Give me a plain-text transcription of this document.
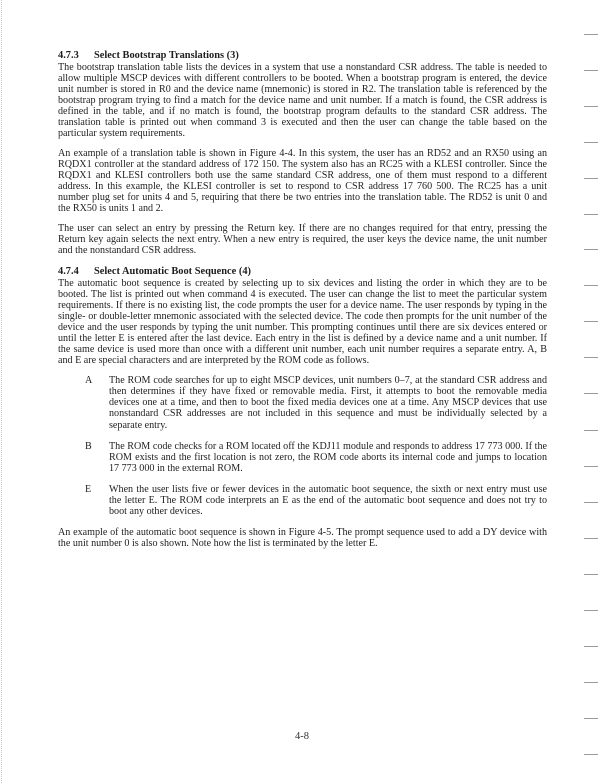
4.7.3 Select Bootstrap Translations (3)

The bootstrap translation table lists the devices in a system that use a nonstandard CSR address. The table is needed to allow multiple MSCP devices with different controllers to be booted. When a bootstrap program is entered, the device unit number is stored in R0 and the device name (mnemonic) is stored in R2. The translation table is referenced by the bootstrap program trying to find a match for the device name and unit number. If a match is found, the CSR address is defined in the table, and if no match is found, the bootstrap program defaults to the standard CSR address. The translation table is printed out when command 3 is executed and then the user can change the table based on the particular system requirements.

An example of a translation table is shown in Figure 4-4. In this system, the user has an RD52 and an RX50 using an RQDX1 controller at the standard address of 172 150. The system also has an RC25 with a KLESI controller. Since the RQDX1 and KLESI controllers both use the same standard CSR address, one of them must respond to a different address. In this example, the KLESI controller is set to respond to CSR address 17 760 500. The RC25 has a unit number plug set for units 4 and 5, requiring that there be two entries into the translation table. The RD52 is unit 0 and the RX50 is units 1 and 2.

The user can select an entry by pressing the Return key. If there are no changes required for that entry, pressing the Return key again selects the next entry. When a new entry is required, the user keys the device name, the unit number and the nonstandard CSR address.

4.7.4 Select Automatic Boot Sequence (4)

The automatic boot sequence is created by selecting up to six devices and listing the order in which they are to be booted. The list is printed out when command 4 is executed. The user can change the list to meet the particular system requirements. If there is no existing list, the code prompts the user for a device name. The user responds by typing in the single- or double-letter mnemonic associated with the selected device. The code then prompts for the unit number of the device and the user responds by typing the unit number. This prompting continues until there are six devices entered or until the letter E is entered after the last device. Each entry in the list is defined by a device name and a unit number. If the same device is used more than once with a different unit number, each unit number requires a separate entry. A, B and E are special characters and are interpreted by the ROM code as follows.

A	The ROM code searches for up to eight MSCP devices, unit numbers 0–7, at the standard CSR address and then determines if they have fixed or removable media. First, it attempts to boot the removable media devices one at a time, and then to boot the fixed media devices one at a time. Any MSCP devices that use nonstandard CSR addresses are not included in this sequence and must be individually selected by a separate entry.
B	The ROM code checks for a ROM located off the KDJ11 module and responds to address 17 773 000. If the ROM exists and the first location is not zero, the ROM code aborts its internal code and jumps to location 17 773 000 in the external ROM.
E	When the user lists five or fewer devices in the automatic boot sequence, the sixth or next entry must use the letter E. The ROM code interprets an E as the end of the automatic boot sequence and does not try to boot any other devices.

An example of the automatic boot sequence is shown in Figure 4-5. The prompt sequence used to add a DY device with the unit number 0 is also shown. Note how the list is terminated by the letter E.

4-8
